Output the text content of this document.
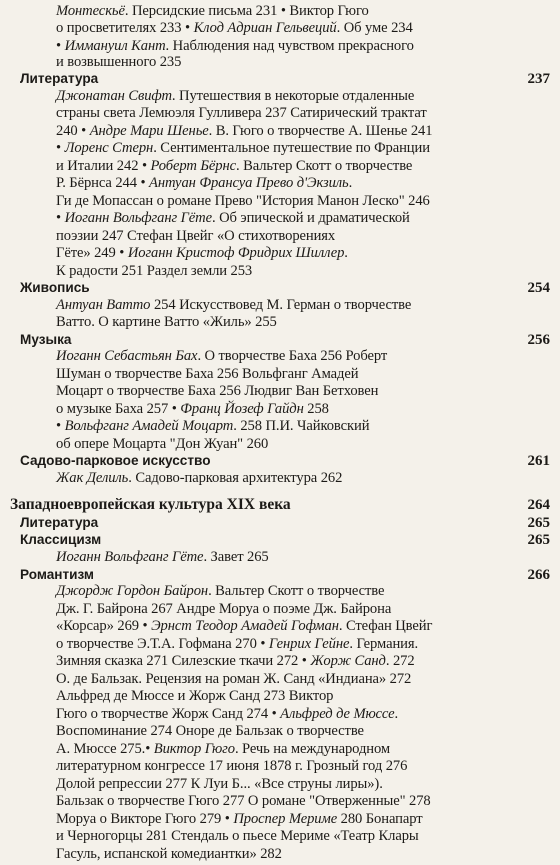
Монтескьё. Персидские письма 231 • Виктор Гюго
о просветителях 233 • Клод Адриан Гельвеций. Об уме 234
• Иммануил Кант. Наблюдения над чувством прекрасного
и возвышенного 235
Литература	237
Джонатан Свифт. Путешествия в некоторые отдаленные
страны света Лемюэля Гулливера 237 Сатирический трактат
240 • Андре Мари Шенье. В. Гюго о творчестве А. Шенье 241
• Лоренс Стерн. Сентиментальное путешествие по Франции
и Италии 242 • Роберт Бёрнс. Вальтер Скотт о творчестве
Р. Бёрнса 244 • Антуан Франсуа Прево д'Экзиль.
Ги де Мопассан о романе Прево "История Манон Леско" 246
• Иоганн Вольфганг Гёте. Об эпической и драматической
поэзии 247 Стефан Цвейг «О стихотворениях
Гёте» 249 • Иоганн Кристоф Фридрих Шиллер.
К радости 251 Раздел земли 253
Живопись	254
Антуан Ватто 254 Искусствовед М. Герман о творчестве
Ватто. О картине Ватто «Жиль» 255
Музыка	256
Иоганн Себастьян Бах. О творчестве Баха 256 Роберт
Шуман о творчестве Баха 256 Вольфганг Амадей
Моцарт о творчестве Баха 256 Людвиг Ван Бетховен
о музыке Баха 257 • Франц Йозеф Гайдн 258
• Вольфганг Амадей Моцарт. 258 П.И. Чайковский
об опере Моцарта "Дон Жуан" 260
Садово-парковое искусство	261
Жак Делиль. Садово-парковая архитектура 262
Западноевропейская культура XIX века	264
Литература	265
Классицизм	265
Иоганн Вольфганг Гёте. Завет 265
Романтизм	266
Джордж Гордон Байрон. Вальтер Скотт о творчестве
Дж. Г. Байрона 267 Андре Моруа о поэме Дж. Байрона
«Корсар» 269 • Эрнст Теодор Амадей Гофман. Стефан Цвейг
о творчестве Э.Т.А. Гофмана 270 • Генрих Гейне. Германия.
Зимняя сказка 271 Силезские ткачи 272 • Жорж Санд. 272
О. де Бальзак. Рецензия на роман Ж. Санд «Индиана» 272
Альфред де Мюссе и Жорж Санд 273 Виктор
Гюго о творчестве Жорж Санд 274 • Альфред де Мюссе.
Воспоминание 274 Оноре де Бальзак о творчестве
А. Мюссе 275.• Виктор Гюго. Речь на международном
литературном конгрессе 17 июня 1878 г. Грозный год 276
Долой репрессии 277 К Луи Б... «Все струны лиры»).
Бальзак о творчестве Гюго 277 О романе "Отверженные" 278
Моруа о Викторе Гюго 279 • Проспер Мериме 280 Бонапарт
и Черногорцы 281 Стендаль о пьесе Мериме «Театр Клары
Гасуль, испанской комедиантки» 282
